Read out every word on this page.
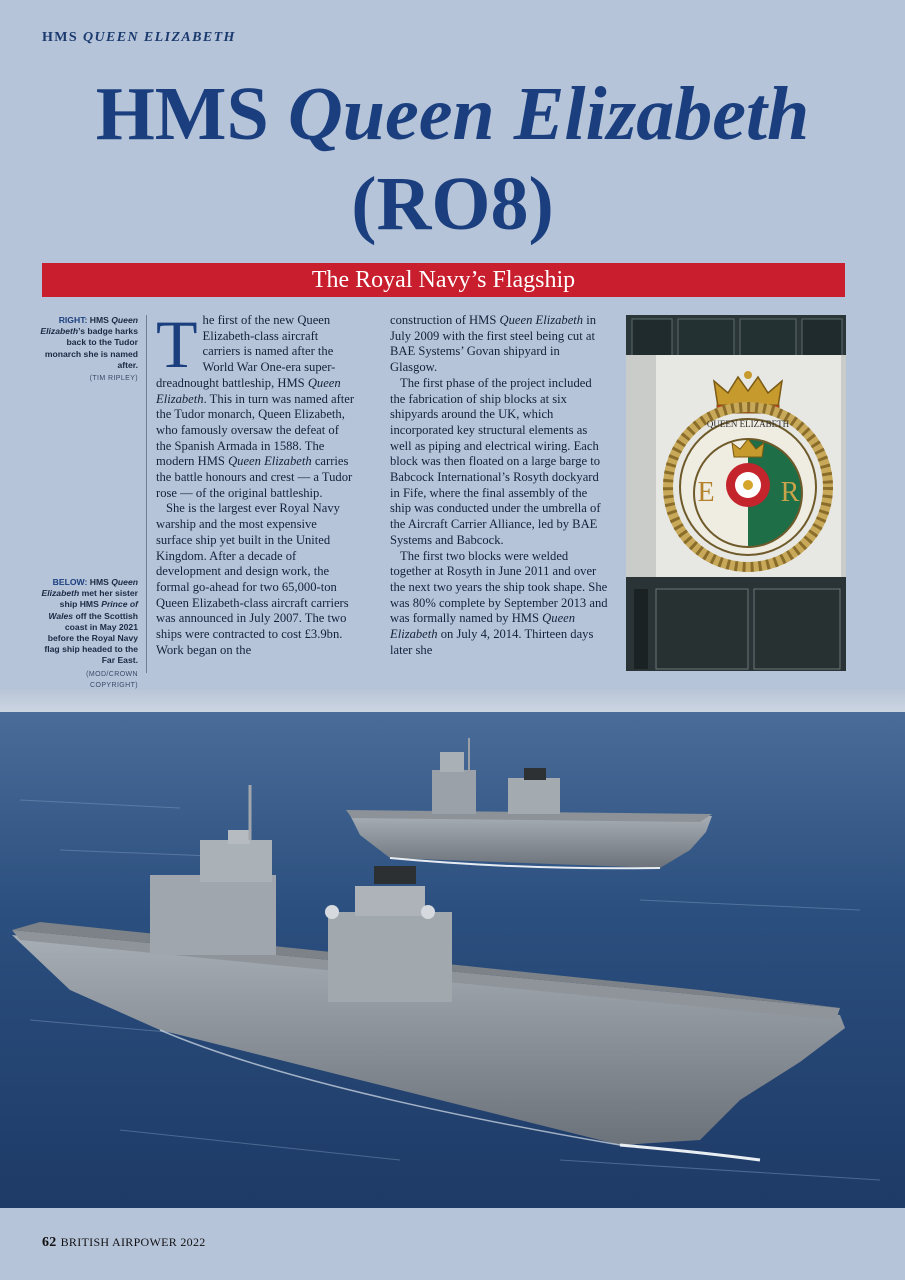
HMS QUEEN ELIZABETH
HMS Queen Elizabeth
(RO8)
The Royal Navy’s Flagship
RIGHT: HMS Queen Elizabeth’s badge harks back to the Tudor monarch she is named after.
(TIM RIPLEY)
BELOW: HMS Queen Elizabeth met her sister ship HMS Prince of Wales off the Scottish coast in May 2021 before the Royal Navy flag ship headed to the Far East.
(MOD/CROWN COPYRIGHT)

The first of the new Queen Elizabeth-class aircraft carriers is named after the World War One-era super-dreadnought battleship, HMS Queen Elizabeth. This in turn was named after the Tudor monarch, Queen Elizabeth, who famously oversaw the defeat of the Spanish Armada in 1588. The modern HMS Queen Elizabeth carries the battle honours and crest — a Tudor rose — of the original battleship.

She is the largest ever Royal Navy warship and the most expensive surface ship yet built in the United Kingdom. After a decade of development and design work, the formal go-ahead for two 65,000-ton Queen Elizabeth-class aircraft carriers was announced in July 2007. The two ships were contracted to cost £3.9bn. Work began on the

construction of HMS Queen Elizabeth in July 2009 with the first steel being cut at BAE Systems’ Govan shipyard in Glasgow.

The first phase of the project included the fabrication of ship blocks at six shipyards around the UK, which incorporated key structural elements as well as piping and electrical wiring. Each block was then floated on a large barge to Babcock International’s Rosyth dockyard in Fife, where the final assembly of the ship was conducted under the umbrella of the Aircraft Carrier Alliance, led by BAE Systems and Babcock.

The first two blocks were welded together at Rosyth in June 2011 and over the next two years the ship took shape. She was 80% complete by September 2013 and was formally named by HMS Queen Elizabeth on July 4, 2014. Thirteen days later she

QUEEN ELIZABETH
E R
62 BRITISH AIRPOWER 2022
